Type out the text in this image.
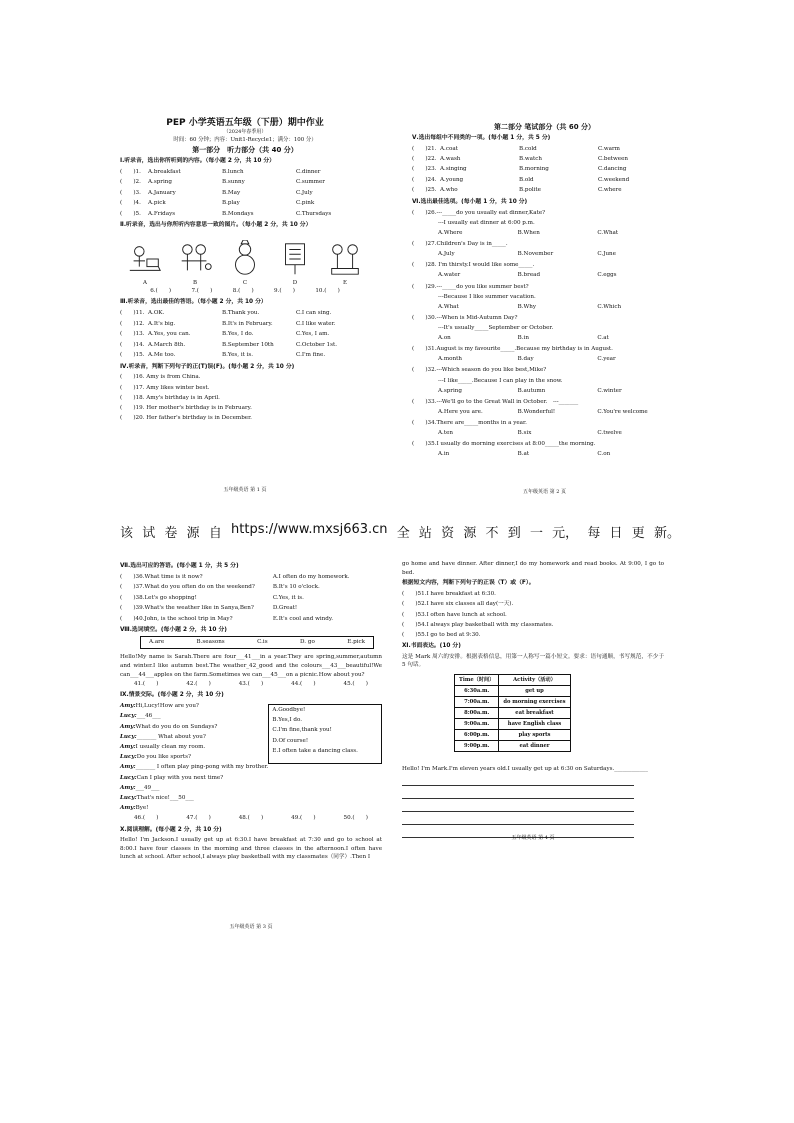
PEP 小学英语五年级（下册）期中作业
（2024年春季用）
时间：60 分钟；内容：Unit1-Recycle1；满分：100 分）
第一部分　听力部分（共 40 分）
Ⅰ.听录音，选出你所听到的内容。（每小题 2 分，共 10 分）
(　　)1.	A.breakfast	B.lunch	C.dinner
(　　)2.	A.spring	B.sunny	C.summer
(　　)3.	A.January	B.May	C.July
(　　)4.	A.pick	B.play	C.pink
(　　)5.	A.Fridays	B.Mondays	C.Thursdays
Ⅱ.听录音，选出与你所听内容意思一致的图片。（每小题 2 分，共 10 分）
A	B	C	D	E
6.(　　)	7.(　　)	8.(　　)	9.(　　)	10.(　　)
Ⅲ.听录音，选出最佳的答语。（每小题 2 分，共 10 分）
(　　)11. A.OK.	B.Thank you.	C.I can sing.
(　　)12. A.It's big.	B.It's in February.	C.I like water.
(　　)13. A.Yes, you can.	B.Yes, I do.	C.Yes, I am.
(　　)14. A.March 8th.	B.September 10th	C.October 1st.
(　　)15. A.Me too.	B.Yes, it is.	C.I'm fine.
Ⅳ.听录音，判断下列句子的正(T)误(F)。(每小题 2 分，共 10 分)
(　　)16. Amy is from China.
(　　)17. Amy likes winter best.
(　　)18. Amy's birthday is in April.
(　　)19. Her mother's birthday is in February.
(　　)20. Her father's birthday is in December.
五年级英语 第 1 页
第二部分 笔试部分（共 60 分）
Ⅴ.选出每组中不同类的一项。(每小题 1 分，共 5 分)
(　　)21. A.coat	B.cold	C.warm
(　　)22. A.wash	B.watch	C.between
(　　)23. A.singing	B.morning	C.dancing
(　　)24. A.young	B.old	C.weekend
(　　)25. A.who	B.polite	C.where
Ⅵ.选出最佳选项。(每小题 1 分，共 10 分)
(　　)26.---_____do you usually eat dinner,Kate?
---I usually eat dinner at 6:00 p.m.
A.Where	B.When	C.What
(　　)27.Children's Day is in_____.
A.July	B.November	C.June
(　　)28. I'm thirsty.I would like some_____.
A.water	B.bread	C.eggs
(　　)29.---_____do you like summer best?
---Because I like summer vacation.
A.What	B.Why	C.Which
(　　)30.---When is Mid-Autumn Day?
---It's usually_____September or October.
A.on	B.in	C.at
(　　)31.August is my favourite_____.Because my birthday is in August.
A.month	B.day	C.year
(　　)32.---Which season do you like best,Mike?
---I like_____.Because I can play in the snow.
A.spring	B.autumn	C.winter
(　　)33.---We'll go to the Great Wall in October.　---_______
A.Here you are.	B.Wonderful!	C.You're welcome
(　　)34.There are_____months in a year.
A.ten	B.six	C.twelve
(　　)35.I usually do morning exercises at 8:00_____the morning.
A.in	B.at	C.on
五年级英语 第 2 页
该 试 卷 源 自 https://www.mxsj663.cn 全 站 资 源 不 到 一 元， 每 日 更 新。
Ⅶ.选出可应的答语。(每小题 1 分，共 5 分)
(　　)36.What time is it now?	A.I often do my homework.
(　　)37.What do you often do on the weekend?	B.It's 10 o'clock.
(　　)38.Let's go shopping!	C.Yes, it is.
(　　)39.What's the weather like in Sanya,Ben?	D.Great!
(　　)40.John, is the school trip in May?	E.It's cool and windy.
Ⅷ.选词填空。(每小题 2 分，共 10 分)
A.are	B.seasons	C.is	D. go	E.pick
Hello!My name is Sarah.There are four___41___in a year.They are spring,summer,autumn and winter.I like autumn best.The weather_42_good and the colours___43___beautiful!We can___44___apples on the farm.Sometimes we can___45___on a picnic.How about you?
41.(　　)	42.(　　)	43.(　　)	44.(　　)	45.(　　)
Ⅸ.情景交际。(每小题 2 分，共 10 分)
Amy: Hi,Lucy!How are you?
Lucy: ___46___
Amy: What do you do on Sundays?
Lucy: _______ What about you?
Amy: I usually clean my room.
Lucy: Do you like sports?
Amy: _______ I often play ping-pong with my brother.
Lucy: Can I play with you next time?
Amy: ___49___
Lucy: That's nice!___50___
Amy: Bye!
A.Goodbye!
B.Yes,I do.
C.I'm fine,thank you!
D.Of course!
E.I often take a dancing class.
46.(　　)	47.(　　)	48.(　　)	49.(　　)	50.(　　)
Ⅹ.阅读理解。(每小题 2 分，共 10 分)
Hello! I'm Jackson.I usually get up at 6:30.I have breakfast at 7:30 and go to school at 8:00.I have four classes in the morning and three classes in the afternoon.I often have lunch at school. After school,I always play basketball with my classmates（同学）.Then I
五年级英语 第 3 页
go home and have dinner. After dinner,I do my homework and read books. At 9:00, I go to bed.
根据短文内容，判断下列句子的正误（T）或（F）。
(　　)51.I have breakfast at 6:30.
(　　)52.I have six classes all day(一天).
(　　)53.I often have lunch at school.
(　　)54.I always play basketball with my classmates.
(　　)55.I go to bed at 9:30.
Ⅺ.书面表达。(10 分)
这是 Mark 周六的安排。根据表格信息，用第一人称写一篇小短文。要求：语句通顺，书写规范，不少于 5 句话。
Time（时间）	Activity（活动）
6:30a.m.	get up
7:00a.m.	do morning exercises
8:00a.m.	eat breakfast
9:00a.m.	have English class
6:00p.m.	play sports
9:00p.m.	eat dinner
Hello! I'm Mark.I'm eleven years old.I usually get up at 6:30 on Saturdays.____________
五年级英语 第 4 页
